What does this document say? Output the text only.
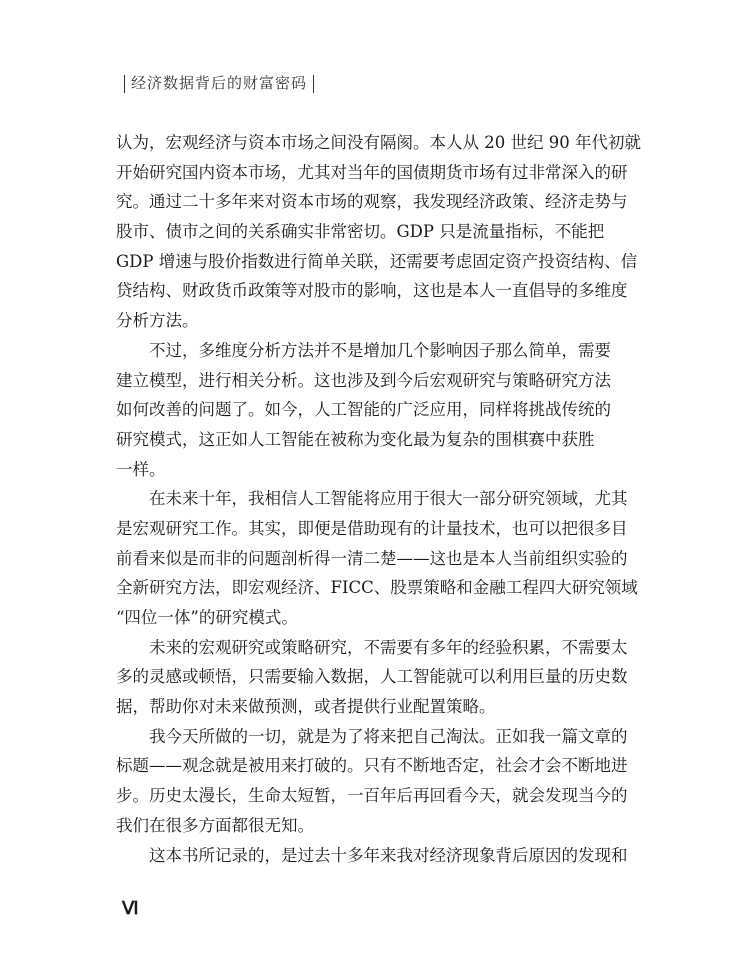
经济数据背后的财富密码
认为，宏观经济与资本市场之间没有隔阂。本人从 20 世纪 90 年代初就
开始研究国内资本市场，尤其对当年的国债期货市场有过非常深入的研
究。通过二十多年来对资本市场的观察，我发现经济政策、经济走势与
股市、债市之间的关系确实非常密切。GDP 只是流量指标，不能把
GDP 增速与股价指数进行简单关联，还需要考虑固定资产投资结构、信
贷结构、财政货币政策等对股市的影响，这也是本人一直倡导的多维度
分析方法。
不过，多维度分析方法并不是增加几个影响因子那么简单，需要
建立模型，进行相关分析。这也涉及到今后宏观研究与策略研究方法
如何改善的问题了。如今，人工智能的广泛应用，同样将挑战传统的
研究模式，这正如人工智能在被称为变化最为复杂的围棋赛中获胜
一样。
在未来十年，我相信人工智能将应用于很大一部分研究领域，尤其
是宏观研究工作。其实，即便是借助现有的计量技术，也可以把很多目
前看来似是而非的问题剖析得一清二楚——这也是本人当前组织实验的
全新研究方法，即宏观经济、FICC、股票策略和金融工程四大研究领域
“四位一体”的研究模式。
未来的宏观研究或策略研究，不需要有多年的经验积累，不需要太
多的灵感或顿悟，只需要输入数据，人工智能就可以利用巨量的历史数
据，帮助你对未来做预测，或者提供行业配置策略。
我今天所做的一切，就是为了将来把自己淘汰。正如我一篇文章的
标题——观念就是被用来打破的。只有不断地否定，社会才会不断地进
步。历史太漫长，生命太短暂，一百年后再回看今天，就会发现当今的
我们在很多方面都很无知。
这本书所记录的，是过去十多年来我对经济现象背后原因的发现和
Ⅵ
